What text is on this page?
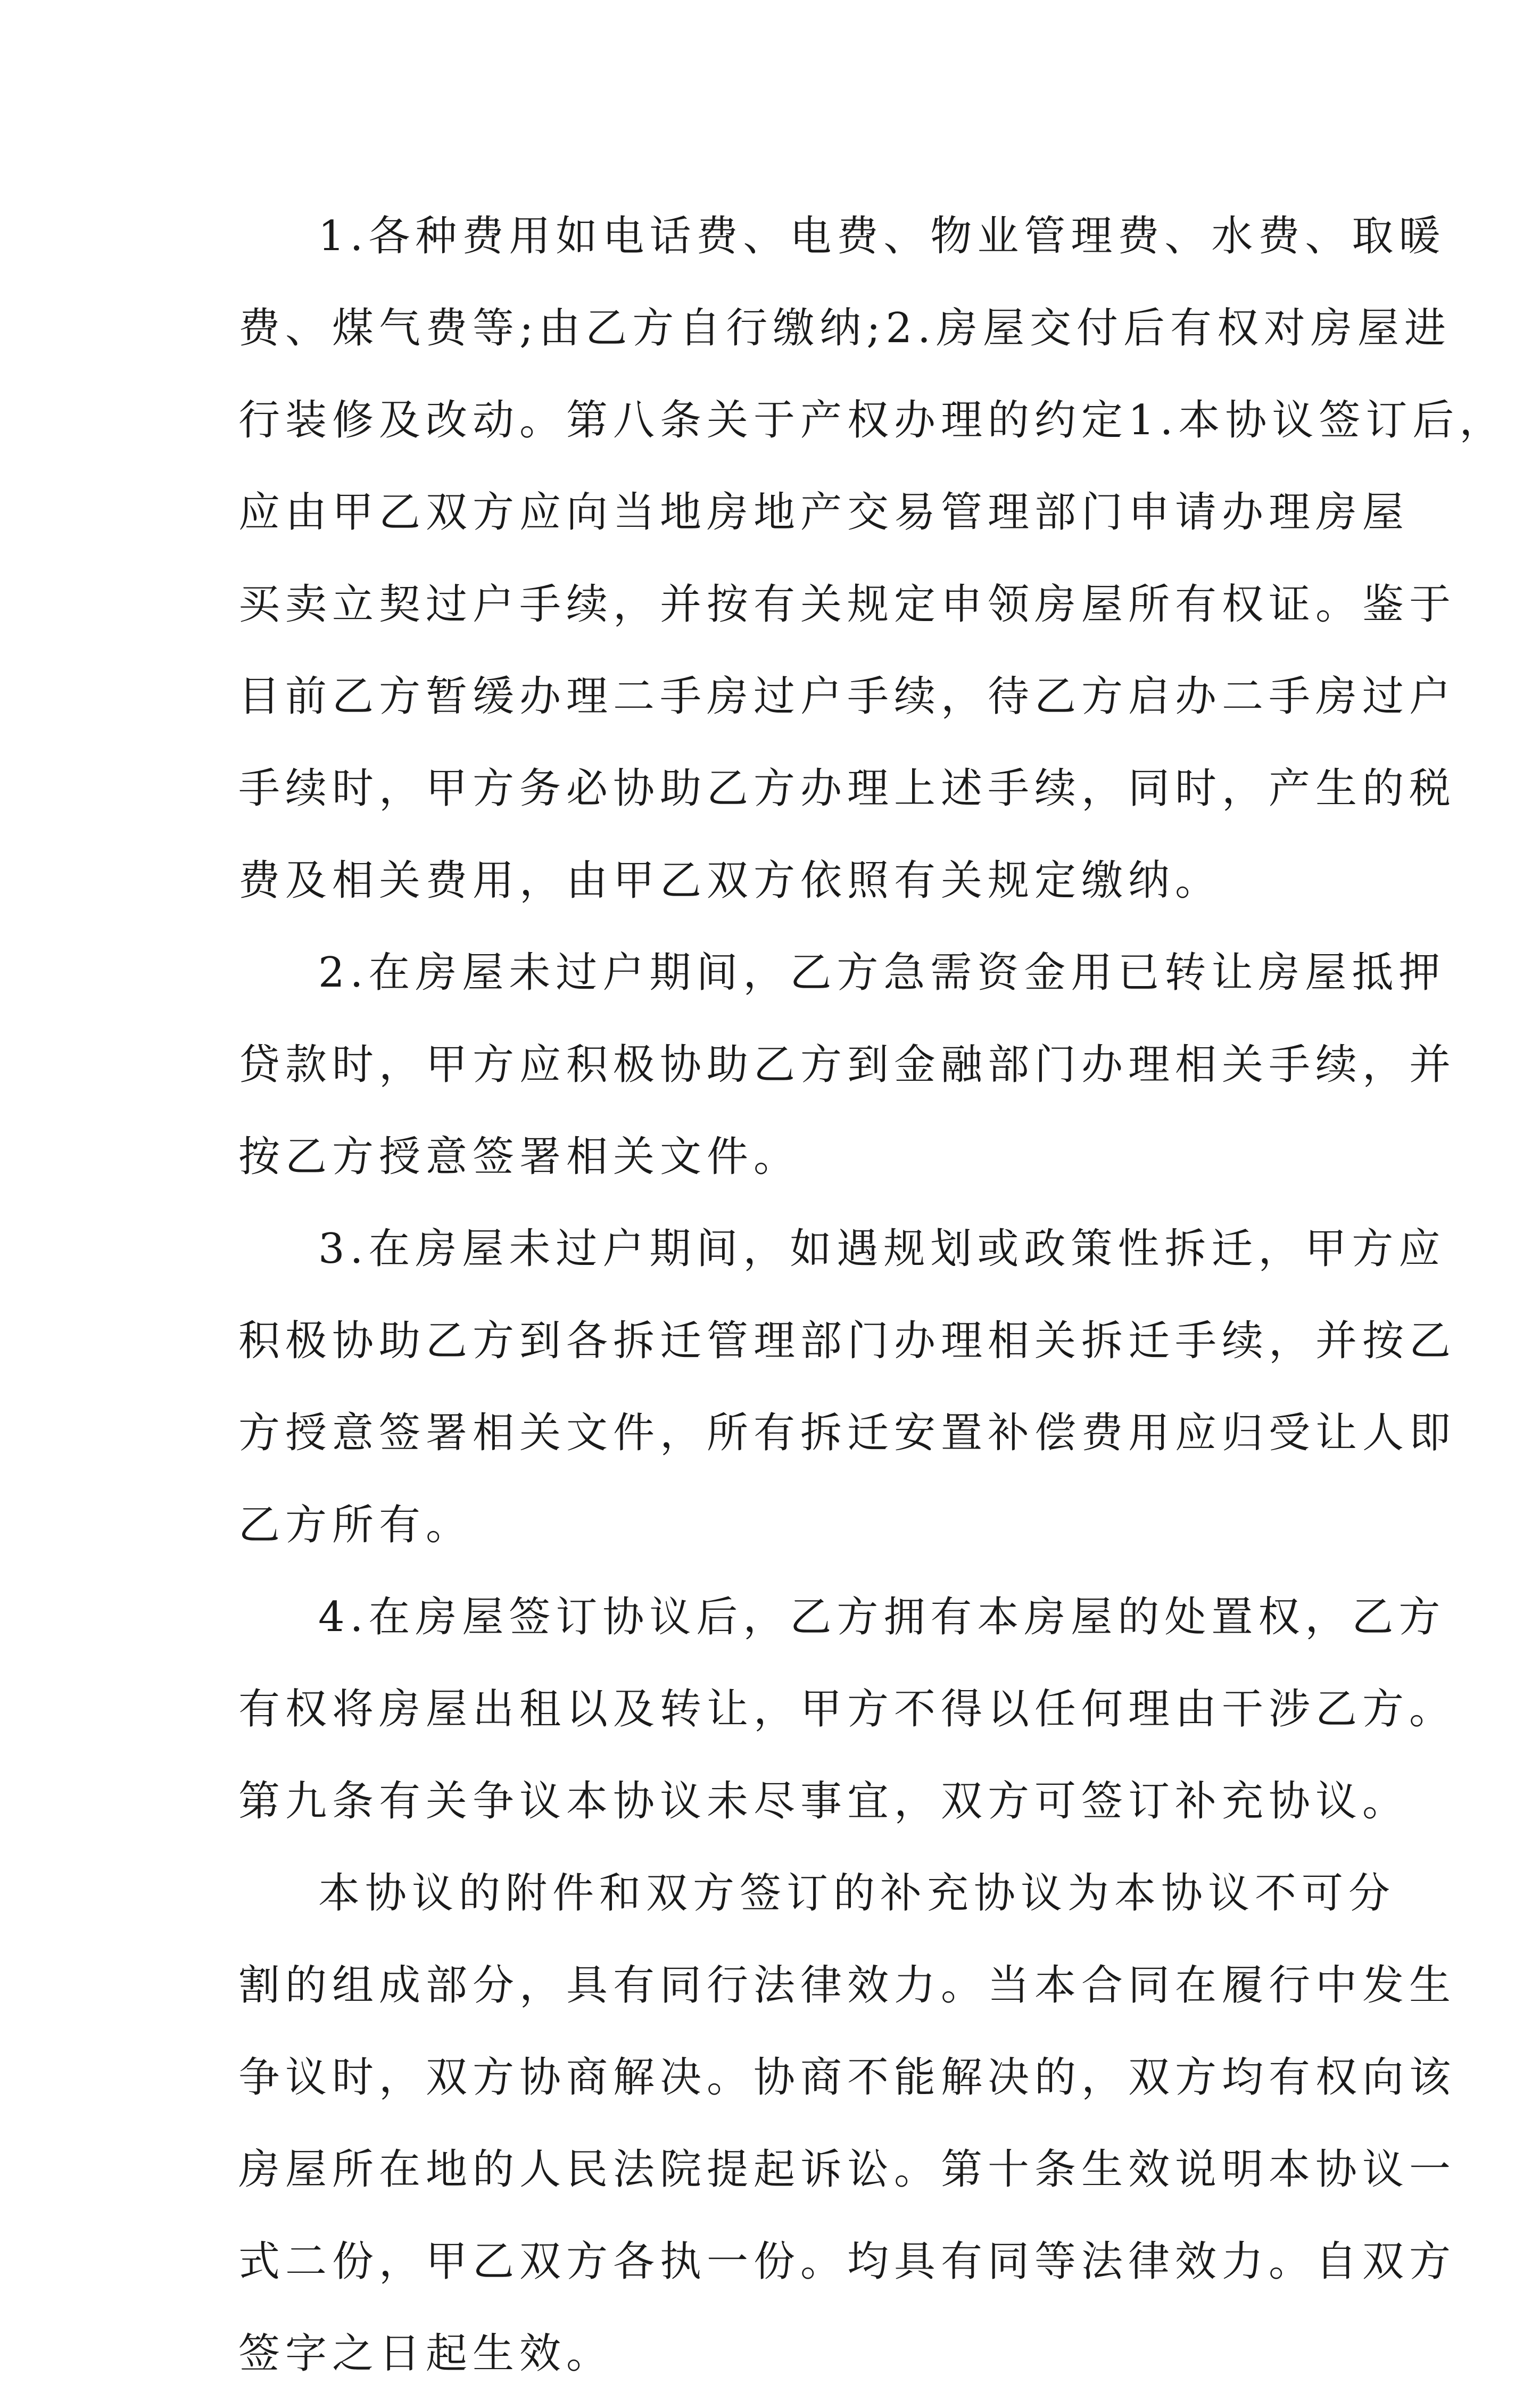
1.各种费用如电话费、电费、物业管理费、水费、取暖
费、煤气费等;由乙方自行缴纳;2.房屋交付后有权对房屋进
行装修及改动。第八条关于产权办理的约定1.本协议签订后，
应由甲乙双方应向当地房地产交易管理部门申请办理房屋
买卖立契过户手续，并按有关规定申领房屋所有权证。鉴于
目前乙方暂缓办理二手房过户手续，待乙方启办二手房过户
手续时，甲方务必协助乙方办理上述手续，同时，产生的税
费及相关费用，由甲乙双方依照有关规定缴纳。
2.在房屋未过户期间，乙方急需资金用已转让房屋抵押
贷款时，甲方应积极协助乙方到金融部门办理相关手续，并
按乙方授意签署相关文件。
3.在房屋未过户期间，如遇规划或政策性拆迁，甲方应
积极协助乙方到各拆迁管理部门办理相关拆迁手续，并按乙
方授意签署相关文件，所有拆迁安置补偿费用应归受让人即
乙方所有。
4.在房屋签订协议后，乙方拥有本房屋的处置权，乙方
有权将房屋出租以及转让，甲方不得以任何理由干涉乙方。
第九条有关争议本协议未尽事宜，双方可签订补充协议。
本协议的附件和双方签订的补充协议为本协议不可分
割的组成部分，具有同行法律效力。当本合同在履行中发生
争议时，双方协商解决。协商不能解决的，双方均有权向该
房屋所在地的人民法院提起诉讼。第十条生效说明本协议一
式二份，甲乙双方各执一份。均具有同等法律效力。自双方
签字之日起生效。
